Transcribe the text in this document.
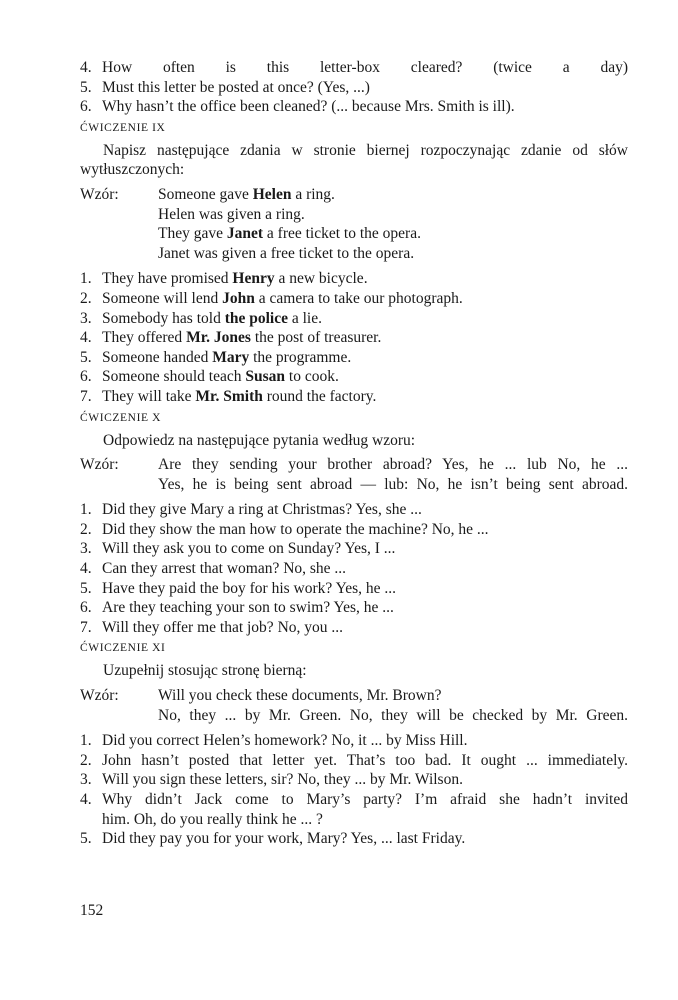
4. How often is this letter-box cleared? (twice a day)
5. Must this letter be posted at once? (Yes, ...)
6. Why hasn’t the office been cleaned? (... because Mrs. Smith is ill).
ĆWICZENIE IX
Napisz następujące zdania w stronie biernej rozpoczynając zdanie od słów
wytłuszczonych:
Wzór:	Someone gave Helen a ring.
Helen was given a ring.
They gave Janet a free ticket to the opera.
Janet was given a free ticket to the opera.
1. They have promised Henry a new bicycle.
2. Someone will lend John a camera to take our photograph.
3. Somebody has told the police a lie.
4. They offered Mr. Jones the post of treasurer.
5. Someone handed Mary the programme.
6. Someone should teach Susan to cook.
7. They will take Mr. Smith round the factory.
ĆWICZENIE X
Odpowiedz na następujące pytania według wzoru:
Wzór:	Are they sending your brother abroad? Yes, he ... lub No, he ...
Yes, he is being sent abroad — lub: No, he isn’t being sent abroad.
1. Did they give Mary a ring at Christmas? Yes, she ...
2. Did they show the man how to operate the machine? No, he ...
3. Will they ask you to come on Sunday? Yes, I ...
4. Can they arrest that woman? No, she ...
5. Have they paid the boy for his work? Yes, he ...
6. Are they teaching your son to swim? Yes, he ...
7. Will they offer me that job? No, you ...
ĆWICZENIE XI
Uzupełnij stosując stronę bierną:
Wzór:	Will you check these documents, Mr. Brown?
No, they ... by Mr. Green. No, they will be checked by Mr. Green.
1. Did you correct Helen’s homework? No, it ... by Miss Hill.
2. John hasn’t posted that letter yet. That’s too bad. It ought ... immediately.
3. Will you sign these letters, sir? No, they ... by Mr. Wilson.
4. Why didn’t Jack come to Mary’s party? I’m afraid she hadn’t invited
him. Oh, do you really think he ... ?
5. Did they pay you for your work, Mary? Yes, ... last Friday.
152
